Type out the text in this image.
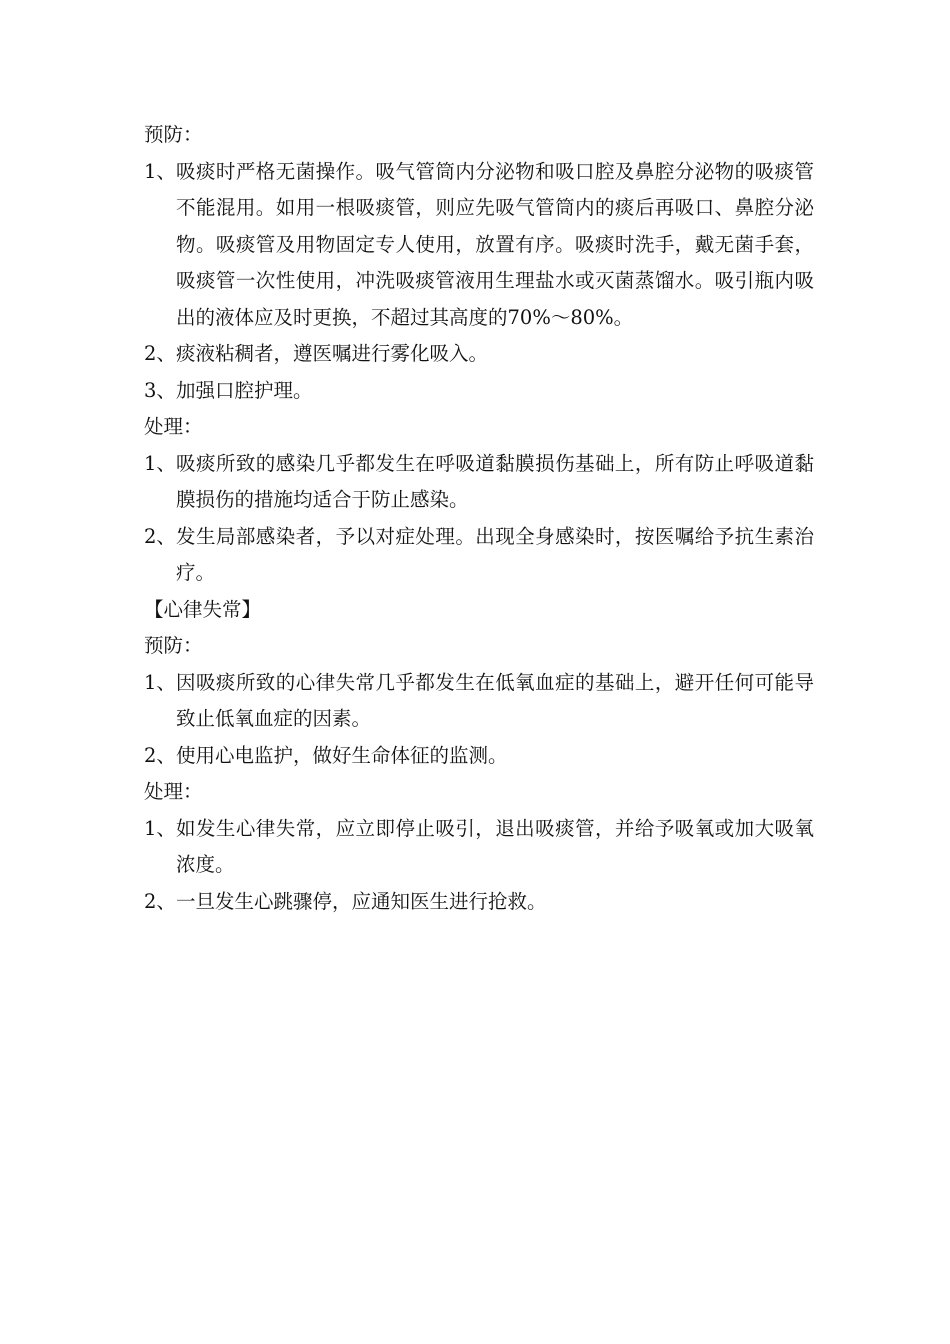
预防：

1、 吸痰时严格无菌操作。吸气管筒内分泌物和吸口腔及鼻腔分泌物的吸痰管不能混用。如用一根吸痰管，则应先吸气管筒内的痰后再吸口、鼻腔分泌物。吸痰管及用物固定专人使用，放置有序。吸痰时洗手，戴无菌手套，吸痰管一次性使用，冲洗吸痰管液用生理盐水或灭菌蒸馏水。吸引瓶内吸出的液体应及时更换，不超过其高度的70%～80%。
2、 痰液粘稠者，遵医嘱进行雾化吸入。
3、 加强口腔护理。

处理：

1、 吸痰所致的感染几乎都发生在呼吸道黏膜损伤基础上，所有防止呼吸道黏膜损伤的措施均适合于防止感染。
2、 发生局部感染者，予以对症处理。出现全身感染时，按医嘱给予抗生素治疗。

【心律失常】

预防：

1、 因吸痰所致的心律失常几乎都发生在低氧血症的基础上，避开任何可能导致止低氧血症的因素。
2、 使用心电监护，做好生命体征的监测。

处理：

1、 如发生心律失常，应立即停止吸引，退出吸痰管，并给予吸氧或加大吸氧浓度。
2、 一旦发生心跳骤停，应通知医生进行抢救。
